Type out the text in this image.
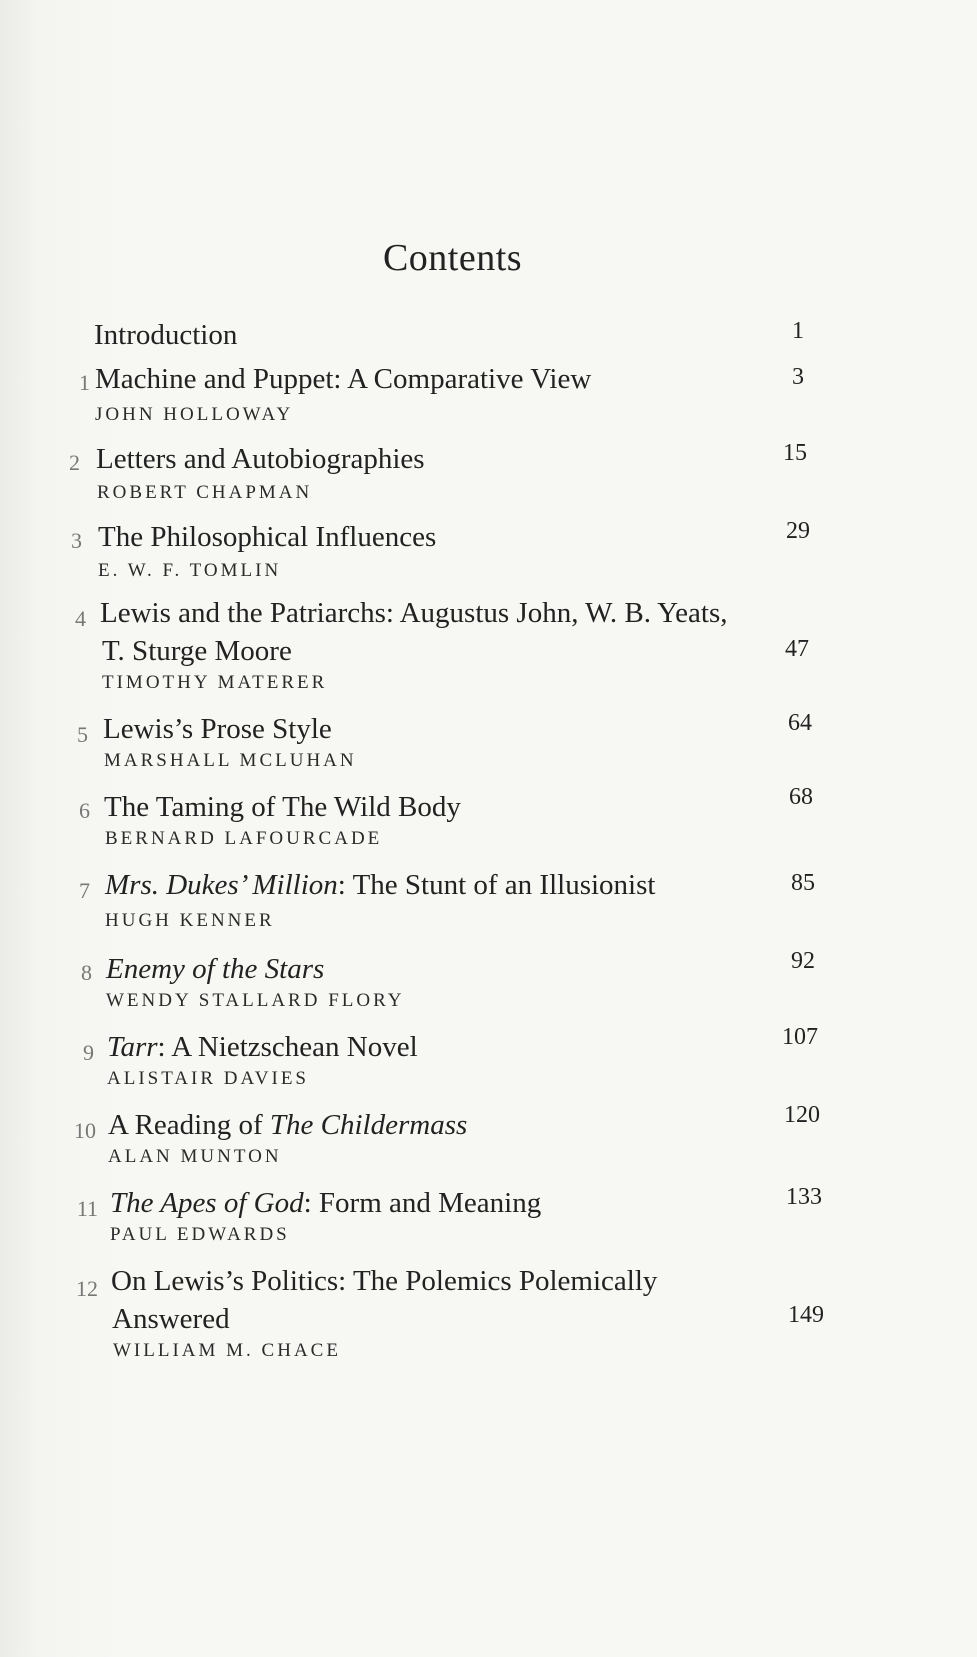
Contents
Introduction	1
1 Machine and Puppet: A Comparative View	3
JOHN HOLLOWAY
2 Letters and Autobiographies	15
ROBERT CHAPMAN
3 The Philosophical Influences	29
E. W. F. TOMLIN
4 Lewis and the Patriarchs: Augustus John, W. B. Yeats,
T. Sturge Moore	47
TIMOTHY MATERER
5 Lewis’s Prose Style	64
MARSHALL MCLUHAN
6 The Taming of The Wild Body	68
BERNARD LAFOURCADE
7 Mrs. Dukes’ Million: The Stunt of an Illusionist	85
HUGH KENNER
8 Enemy of the Stars	92
WENDY STALLARD FLORY
9 Tarr: A Nietzschean Novel	107
ALISTAIR DAVIES
10 A Reading of The Childermass	120
ALAN MUNTON
11 The Apes of God: Form and Meaning	133
PAUL EDWARDS
12 On Lewis’s Politics: The Polemics Polemically
Answered	149
WILLIAM M. CHACE
